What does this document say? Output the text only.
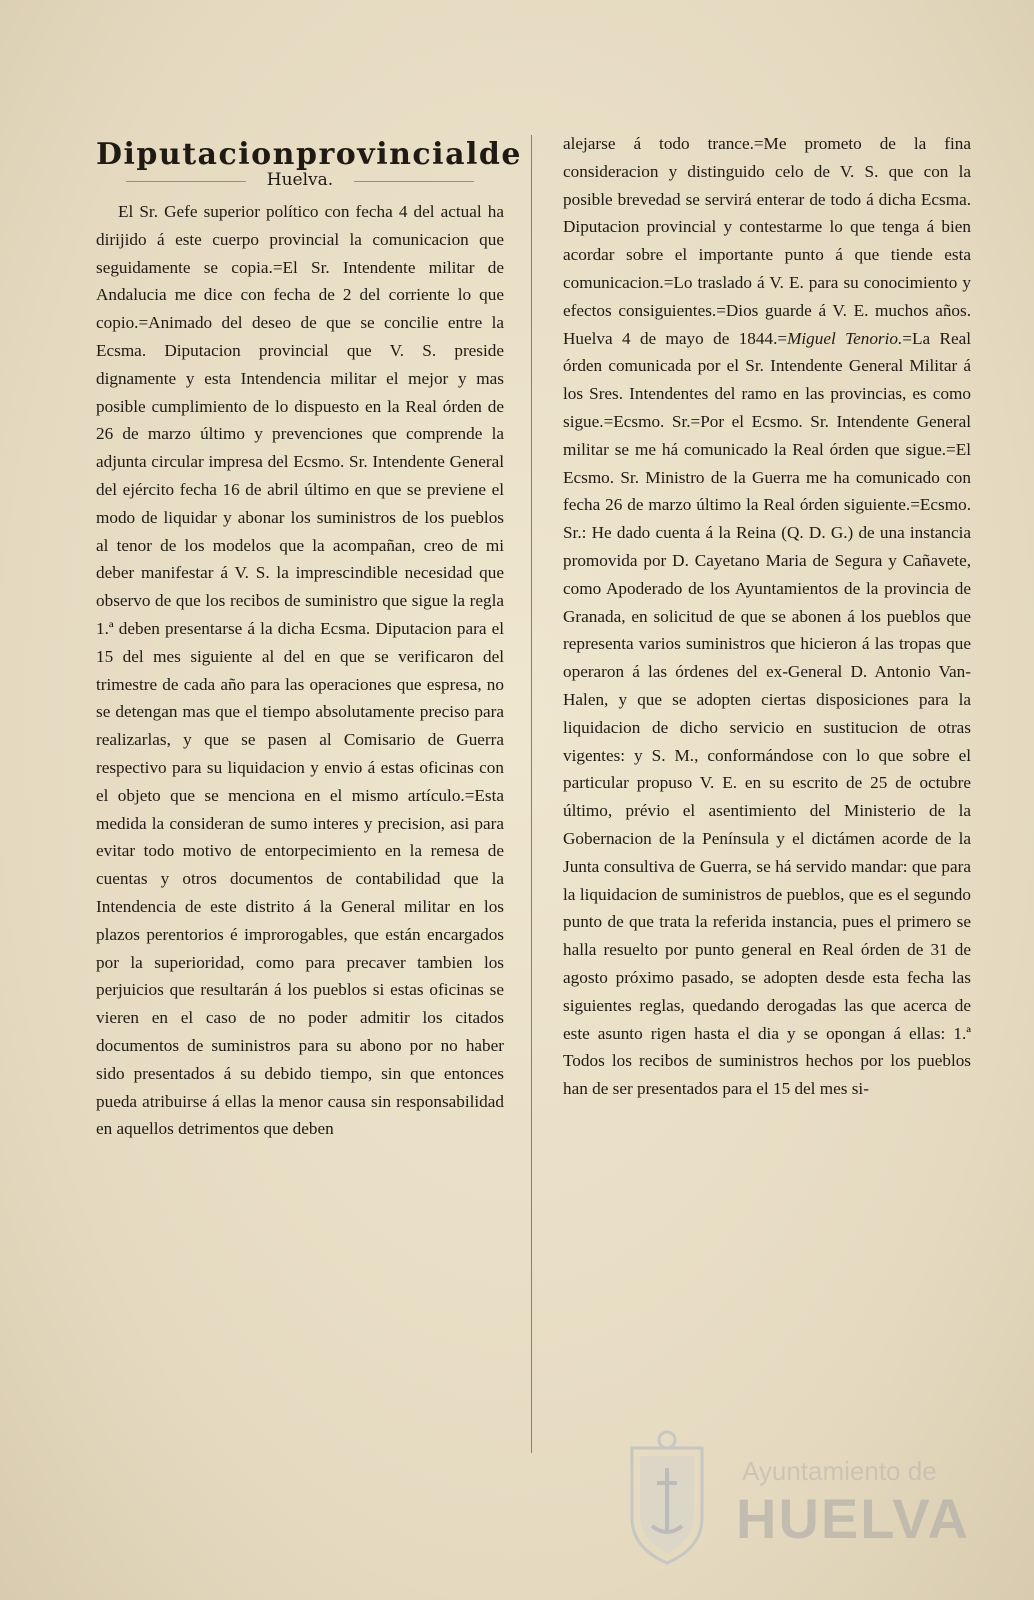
Diputacion provincial de
Huelva.

El Sr. Gefe superior político con fecha 4 del actual ha dirijido á este cuerpo provincial la comunicacion que seguidamente se copia.=El Sr. Intendente militar de Andalucia me dice con fecha de 2 del corriente lo que copio.=Animado del deseo de que se concilie entre la Ecsma. Diputacion provincial que V. S. preside dignamente y esta Intendencia militar el mejor y mas posible cumplimiento de lo dispuesto en la Real órden de 26 de marzo último y prevenciones que comprende la adjunta circular impresa del Ecsmo. Sr. Intendente General del ejército fecha 16 de abril último en que se previene el modo de liquidar y abonar los suministros de los pueblos al tenor de los modelos que la acompañan, creo de mi deber manifestar á V. S. la imprescindible necesidad que observo de que los recibos de suministro que sigue la regla 1.ª deben presentarse á la dicha Ecsma. Diputacion para el 15 del mes siguiente al del en que se verificaron del trimestre de cada año para las operaciones que espresa, no se detengan mas que el tiempo absolutamente preciso para realizarlas, y que se pasen al Comisario de Guerra respectivo para su liquidacion y envio á estas oficinas con el objeto que se menciona en el mismo artículo.=Esta medida la consideran de sumo interes y precision, asi para evitar todo motivo de entorpecimiento en la remesa de cuentas y otros documentos de contabilidad que la Intendencia de este distrito á la General militar en los plazos perentorios é improrogables, que están encargados por la superioridad, como para precaver tambien los perjuicios que resultarán á los pueblos si estas oficinas se vieren en el caso de no poder admitir los citados documentos de suministros para su abono por no haber sido presentados á su debido tiempo, sin que entonces pueda atribuirse á ellas la menor causa sin responsabilidad en aquellos detrimentos que deben

alejarse á todo trance.=Me prometo de la fina consideracion y distinguido celo de V. S. que con la posible brevedad se servirá enterar de todo á dicha Ecsma. Diputacion provincial y contestarme lo que tenga á bien acordar sobre el importante punto á que tiende esta comunicacion.=Lo traslado á V. E. para su conocimiento y efectos consiguientes.=Dios guarde á V. E. muchos años. Huelva 4 de mayo de 1844.=Miguel Tenorio.=La Real órden comunicada por el Sr. Intendente General Militar á los Sres. Intendentes del ramo en las provincias, es como sigue.=Ecsmo. Sr.=Por el Ecsmo. Sr. Intendente General militar se me há comunicado la Real órden que sigue.=El Ecsmo. Sr. Ministro de la Guerra me ha comunicado con fecha 26 de marzo último la Real órden siguiente.=Ecsmo. Sr.: He dado cuenta á la Reina (Q. D. G.) de una instancia promovida por D. Cayetano Maria de Segura y Cañavete, como Apoderado de los Ayuntamientos de la provincia de Granada, en solicitud de que se abonen á los pueblos que representa varios suministros que hicieron á las tropas que operaron á las órdenes del ex-General D. Antonio Van-Halen, y que se adopten ciertas disposiciones para la liquidacion de dicho servicio en sustitucion de otras vigentes: y S. M., conformándose con lo que sobre el particular propuso V. E. en su escrito de 25 de octubre último, prévio el asentimiento del Ministerio de la Gobernacion de la Península y el dictámen acorde de la Junta consultiva de Guerra, se há servido mandar: que para la liquidacion de suministros de pueblos, que es el segundo punto de que trata la referida instancia, pues el primero se halla resuelto por punto general en Real órden de 31 de agosto próximo pasado, se adopten desde esta fecha las siguientes reglas, quedando derogadas las que acerca de este asunto rigen hasta el dia y se opongan á ellas: 1.ª Todos los recibos de suministros hechos por los pueblos han de ser presentados para el 15 del mes si-

Ayuntamiento de
HUELVA
